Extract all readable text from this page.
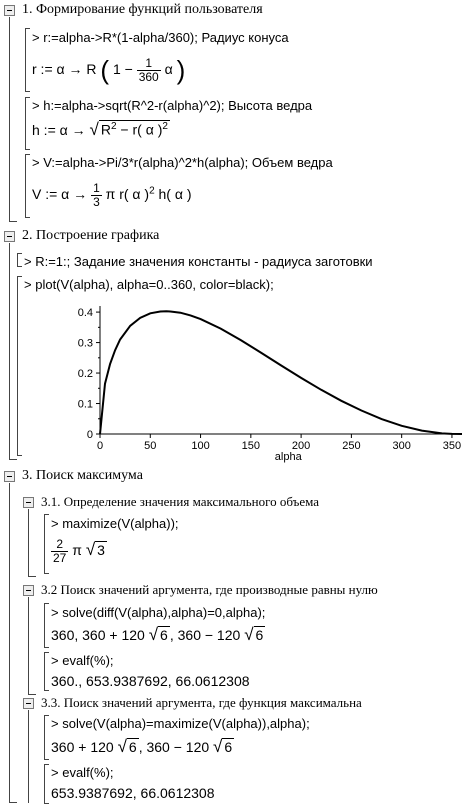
1. Формирование функций пользователя
> r:=alpha->R*(1-alpha/360); Радиус конуса
r := α → R ( $1 - \frac{1}{360}$ α )
> h:=alpha->sqrt(R^2-r(alpha)^2); Высота ведра
h := α → √ $R^2 - r$( α )$^2$
> V:=alpha->Pi/3*r(alpha)^2*h(alpha); Объем ведра
V := $\alpha \to \frac{1}{3}$ π r( α )$^2$ h( α )
2. Построение графика
> R:=1:; Задание значения константы - радиуса заготовки
> plot(V(alpha), alpha=0..360, color=black);
0	50	100	150	200	250	300	350
0
0.1
0.2
0.3
0.4
alpha
3. Поиск максимума
3.1. Определение значения максимального объема
> maximize(V(alpha));
$\frac{2}{27}$ π √ 3
3.2 Поиск значений аргумента, где производные равны нулю
> solve(diff(V(alpha),alpha)=0,alpha);
360, 360 + 120 √ 6 , 360 − 120 √ 6
> evalf(%);
360., 653.9387692, 66.0612308
3.3. Поиск значений аргумента, где функция максимальна
> solve(V(alpha)=maximize(V(alpha)),alpha);
360 + 120 √ 6 , 360 − 120 √ 6
> evalf(%);
653.9387692, 66.0612308
